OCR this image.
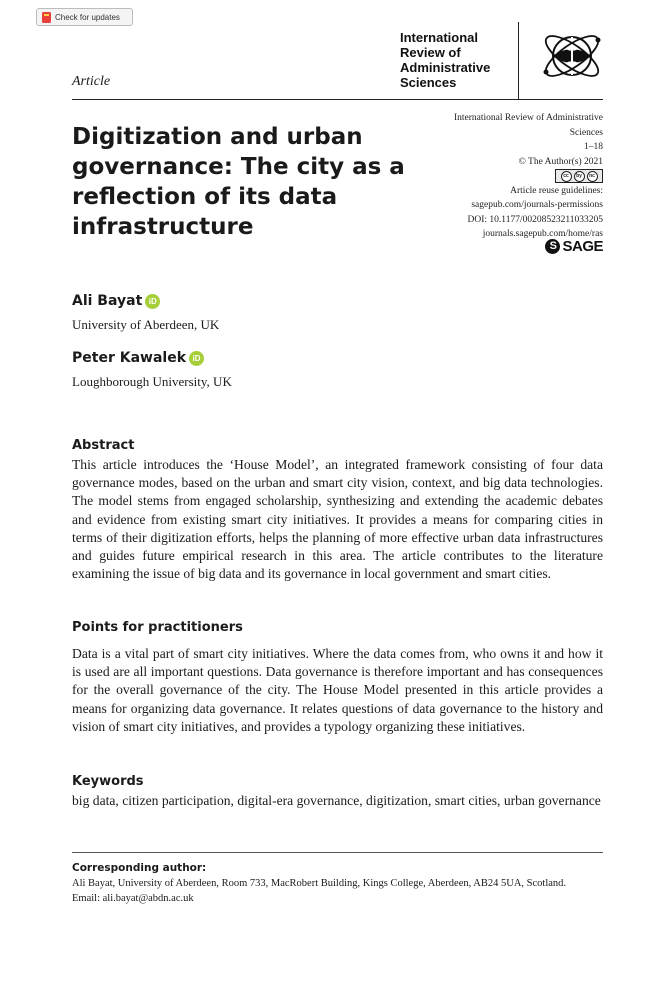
Check for updates
Article
International
Review of
Administrative
Sciences
Digitization and urban governance: The city as a reflection of its data infrastructure
International Review of Administrative
Sciences
1–18
© The Author(s) 2021
cc	by	nc
Article reuse guidelines:
sagepub.com/journals-permissions
DOI: 10.1177/00208523211033205
journals.sagepub.com/home/ras
S SAGE
Ali Bayat iD
University of Aberdeen, UK
Peter Kawalek iD
Loughborough University, UK
Abstract

This article introduces the ‘House Model’, an integrated framework consisting of four data governance modes, based on the urban and smart city vision, context, and big data technologies. The model stems from engaged scholarship, synthesizing and extending the academic debates and evidence from existing smart city initiatives. It provides a means for comparing cities in terms of their digitization efforts, helps the planning of more effective urban data infrastructures and guides future empirical research in this area. The article contributes to the literature examining the issue of big data and its governance in local government and smart cities.

Points for practitioners

Data is a vital part of smart city initiatives. Where the data comes from, who owns it and how it is used are all important questions. Data governance is therefore important and has consequences for the overall governance of the city. The House Model presented in this article provides a means for organizing data governance. It relates questions of data governance to the history and vision of smart city initiatives, and provides a typology organizing these initiatives.

Keywords

big data, citizen participation, digital-era governance, digitization, smart cities, urban governance

Corresponding author:
Ali Bayat, University of Aberdeen, Room 733, MacRobert Building, Kings College, Aberdeen, AB24 5UA, Scotland.
Email: ali.bayat@abdn.ac.uk
